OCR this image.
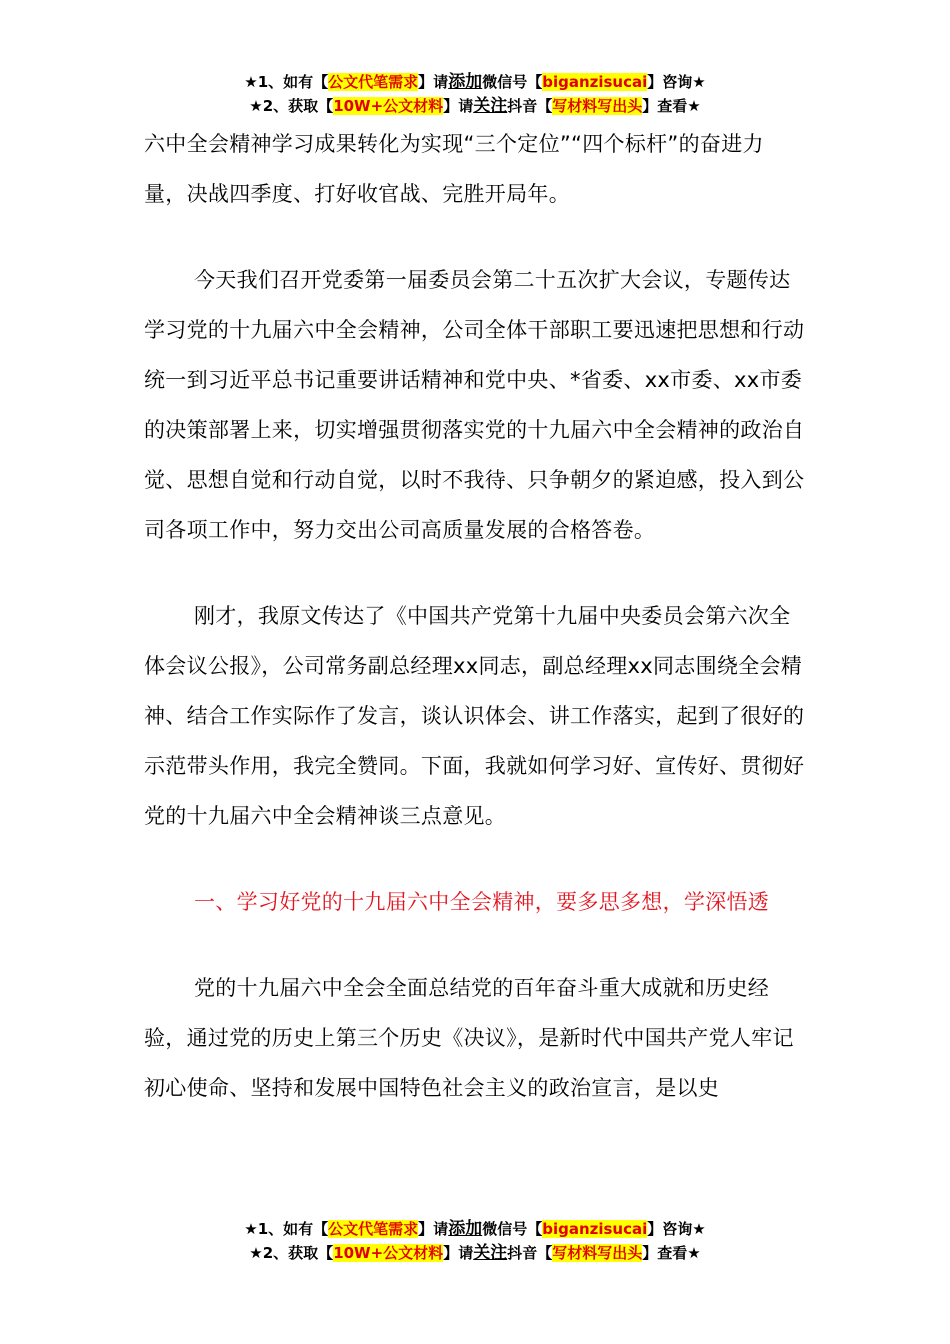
★1、如有【公文代笔需求】请添加微信号【biganzisucai】咨询★
★2、获取【10W+公文材料】请关注抖音【写材料写出头】查看★

六中全会精神学习成果转化为实现“三个定位”“四个标杆”的奋进力量，决战四季度、打好收官战、完胜开局年。

今天我们召开党委第一届委员会第二十五次扩大会议，专题传达学习党的十九届六中全会精神，公司全体干部职工要迅速把思想和行动统一到习近平总书记重要讲话精神和党中央、*省委、xx市委、xx市委的决策部署上来，切实增强贯彻落实党的十九届六中全会精神的政治自觉、思想自觉和行动自觉，以时不我待、只争朝夕的紧迫感，投入到公司各项工作中，努力交出公司高质量发展的合格答卷。

刚才，我原文传达了《中国共产党第十九届中央委员会第六次全体会议公报》，公司常务副总经理xx同志，副总经理xx同志围绕全会精神、结合工作实际作了发言，谈认识体会、讲工作落实，起到了很好的示范带头作用，我完全赞同。下面，我就如何学习好、宣传好、贯彻好党的十九届六中全会精神谈三点意见。

一、学习好党的十九届六中全会精神，要多思多想，学深悟透

党的十九届六中全会全面总结党的百年奋斗重大成就和历史经验，通过党的历史上第三个历史《决议》，是新时代中国共产党人牢记初心使命、坚持和发展中国特色社会主义的政治宣言，是以史

★1、如有【公文代笔需求】请添加微信号【biganzisucai】咨询★
★2、获取【10W+公文材料】请关注抖音【写材料写出头】查看★
